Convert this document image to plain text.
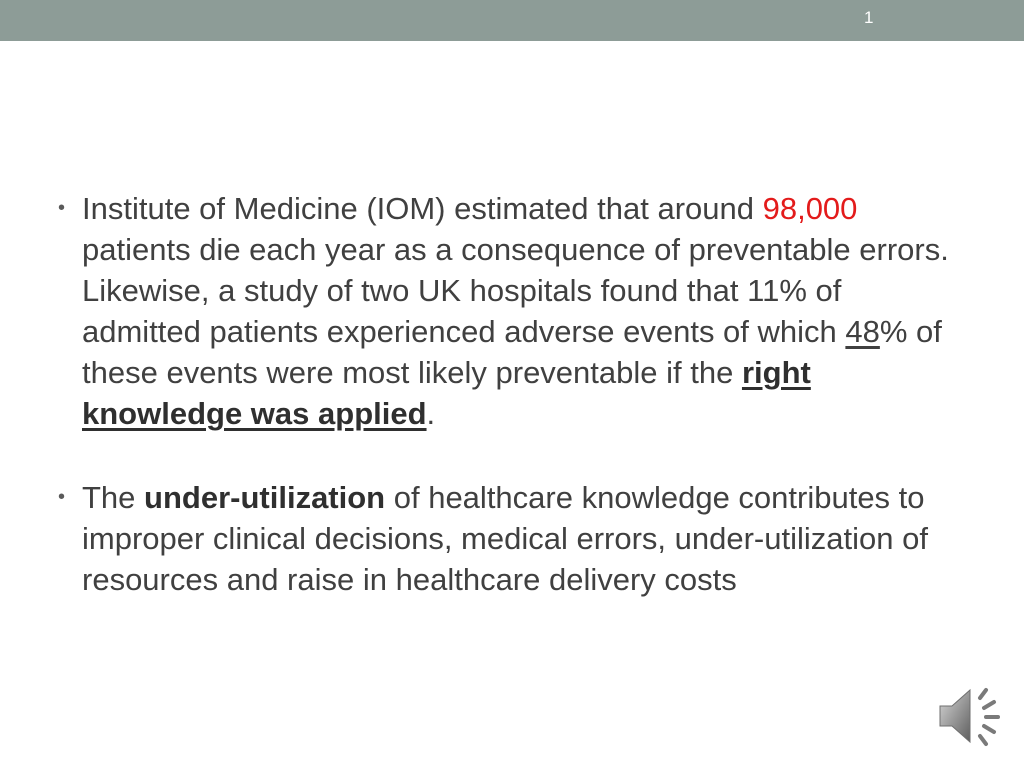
1

• Institute of Medicine (IOM) estimated that around 98,000 patients die each year as a consequence of preventable errors. Likewise, a study of two UK hospitals found that 11% of admitted patients experienced adverse events of which 48% of these events were most likely preventable if the right knowledge was applied.

• The under-utilization of healthcare knowledge contributes to improper clinical decisions, medical errors, under-utilization of resources and raise in healthcare delivery costs
